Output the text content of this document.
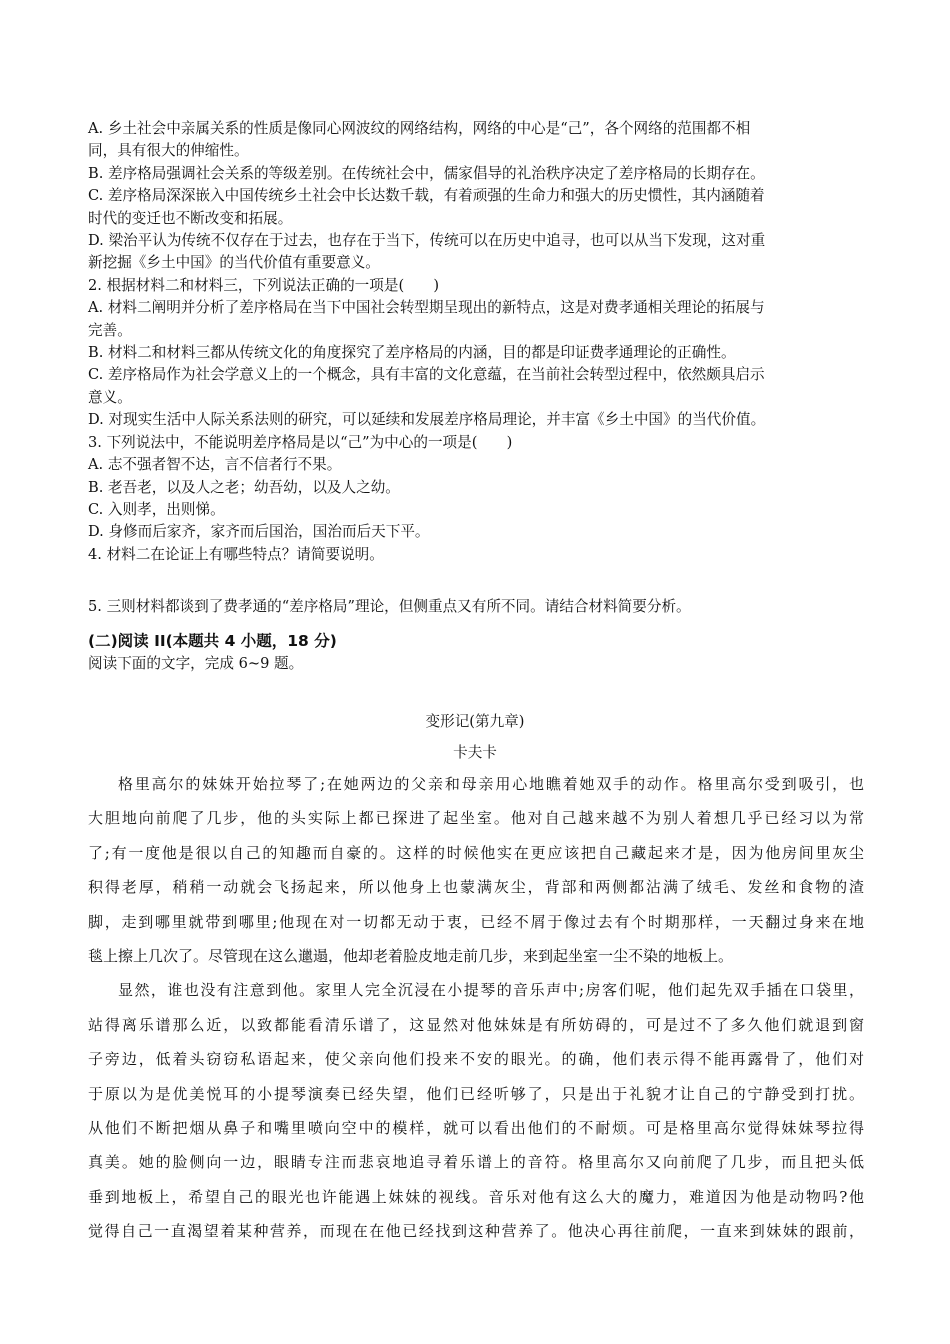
A. 乡土社会中亲属关系的性质是像同心网波纹的网络结构，网络的中心是“己”，各个网络的范围都不相
同，具有很大的伸缩性。
B. 差序格局强调社会关系的等级差别。在传统社会中，儒家倡导的礼治秩序决定了差序格局的长期存在。
C. 差序格局深深嵌入中国传统乡土社会中长达数千载，有着顽强的生命力和强大的历史惯性，其内涵随着
时代的变迁也不断改变和拓展。
D. 梁治平认为传统不仅存在于过去，也存在于当下，传统可以在历史中追寻，也可以从当下发现，这对重
新挖掘《乡土中国》的当代价值有重要意义。
2. 根据材料二和材料三，下列说法正确的一项是(　　)
A. 材料二阐明并分析了差序格局在当下中国社会转型期呈现出的新特点，这是对费孝通相关理论的拓展与
完善。
B. 材料二和材料三都从传统文化的角度探究了差序格局的内涵，目的都是印证费孝通理论的正确性。
C. 差序格局作为社会学意义上的一个概念，具有丰富的文化意蕴，在当前社会转型过程中，依然颇具启示
意义。
D. 对现实生活中人际关系法则的研究，可以延续和发展差序格局理论，并丰富《乡土中国》的当代价值。
3. 下列说法中，不能说明差序格局是以“己”为中心的一项是(　　)
A. 志不强者智不达，言不信者行不果。
B. 老吾老，以及人之老；幼吾幼，以及人之幼。
C. 入则孝，出则悌。
D. 身修而后家齐，家齐而后国治，国治而后天下平。
4. 材料二在论证上有哪些特点？请简要说明。
5. 三则材料都谈到了费孝通的“差序格局”理论，但侧重点又有所不同。请结合材料简要分析。
(二)阅读 II(本题共 4 小题，18 分)
阅读下面的文字，完成 6~9 题。
变形记(第九章)
卡夫卡
格里高尔的妹妹开始拉琴了;在她两边的父亲和母亲用心地瞧着她双手的动作。格里高尔受到吸引，也
大胆地向前爬了几步，他的头实际上都已探进了起坐室。他对自己越来越不为别人着想几乎已经习以为常
了;有一度他是很以自己的知趣而自豪的。这样的时候他实在更应该把自己藏起来才是，因为他房间里灰尘
积得老厚，稍稍一动就会飞扬起来，所以他身上也蒙满灰尘，背部和两侧都沾满了绒毛、发丝和食物的渣
脚，走到哪里就带到哪里;他现在对一切都无动于衷，已经不屑于像过去有个时期那样，一天翻过身来在地
毯上擦上几次了。尽管现在这么邋遢，他却老着脸皮地走前几步，来到起坐室一尘不染的地板上。
显然，谁也没有注意到他。家里人完全沉浸在小提琴的音乐声中;房客们呢，他们起先双手插在口袋里，
站得离乐谱那么近，以致都能看清乐谱了，这显然对他妹妹是有所妨碍的，可是过不了多久他们就退到窗
子旁边，低着头窃窃私语起来，使父亲向他们投来不安的眼光。的确，他们表示得不能再露骨了，他们对
于原以为是优美悦耳的小提琴演奏已经失望，他们已经听够了，只是出于礼貌才让自己的宁静受到打扰。
从他们不断把烟从鼻子和嘴里喷向空中的模样，就可以看出他们的不耐烦。可是格里高尔觉得妹妹琴拉得
真美。她的脸侧向一边，眼睛专注而悲哀地追寻着乐谱上的音符。格里高尔又向前爬了几步，而且把头低
垂到地板上，希望自己的眼光也许能遇上妹妹的视线。音乐对他有这么大的魔力，难道因为他是动物吗?他
觉得自己一直渴望着某种营养，而现在在他已经找到这种营养了。他决心再往前爬，一直来到妹妹的跟前，
